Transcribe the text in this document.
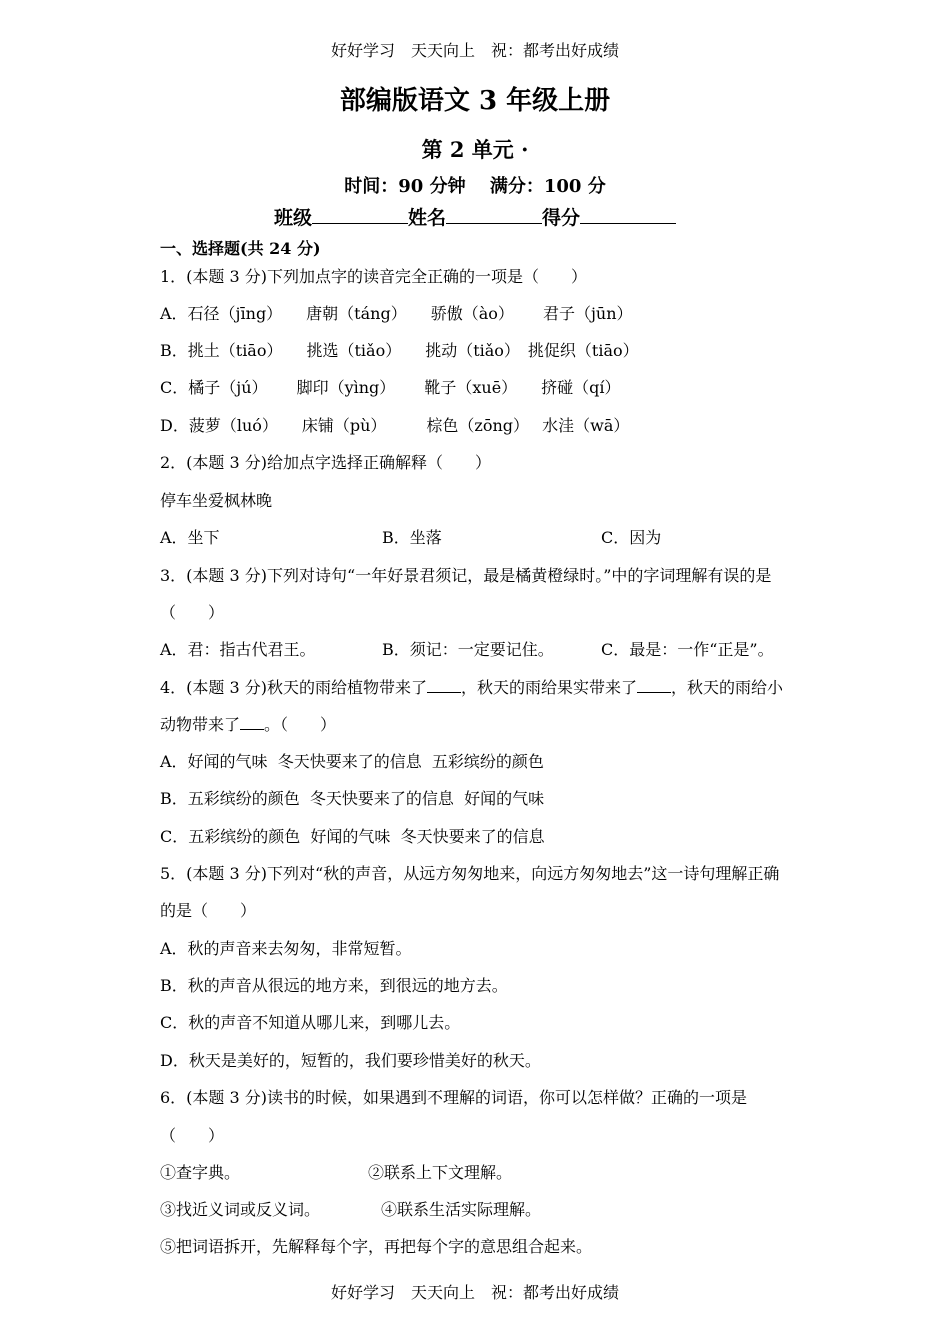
好好学习　天天向上　祝：都考出好成绩
部编版语文 3 年级上册
第 2 单元 ·
时间：90 分钟　 满分：100 分
班级	姓名	得分
一、选择题(共 24 分)
1．(本题 3 分)下列加点字的读音完全正确的一项是（　　）
A．石径（jīng）　　唐朝（táng）　　骄傲（ào）　　 君子（jūn）
B．挑土（tiāo）　　挑选（tiǎo）　　挑动（tiǎo）　挑促织（tiāo）
C．橘子（jú）　　 脚印（yìng）　　 靴子（xuē）　　挤碰（qí）
D．菠萝（luó）　　床铺（pù）　　　棕色（zōng）　 水洼（wā）
2．(本题 3 分)给加点字选择正确解释（　　）
停车坐爱枫林晚
A．坐下	B．坐落	C．因为
3．(本题 3 分)下列对诗句“一年好景君须记，最是橘黄橙绿时。”中的字词理解有误的是
（　　）
A．君：指古代君王。	B．须记：一定要记住。	C．最是：一作“正是”。
4．(本题 3 分)秋天的雨给植物带来了 ，秋天的雨给果实带来了 ，秋天的雨给小
动物带来了 。（　　）
A．好闻的气味  冬天快要来了的信息  五彩缤纷的颜色
B．五彩缤纷的颜色  冬天快要来了的信息  好闻的气味
C．五彩缤纷的颜色  好闻的气味  冬天快要来了的信息
5．(本题 3 分)下列对“秋的声音，从远方匆匆地来，向远方匆匆地去”这一诗句理解正确
的是（　　）
A．秋的声音来去匆匆，非常短暂。
B．秋的声音从很远的地方来，到很远的地方去。
C．秋的声音不知道从哪儿来，到哪儿去。
D．秋天是美好的，短暂的，我们要珍惜美好的秋天。
6．(本题 3 分)读书的时候，如果遇到不理解的词语，你可以怎样做？正确的一项是
（　　）
①查字典。	②联系上下文理解。
③找近义词或反义词。	④联系生活实际理解。
⑤把词语拆开，先解释每个字，再把每个字的意思组合起来。
好好学习　天天向上　祝：都考出好成绩
